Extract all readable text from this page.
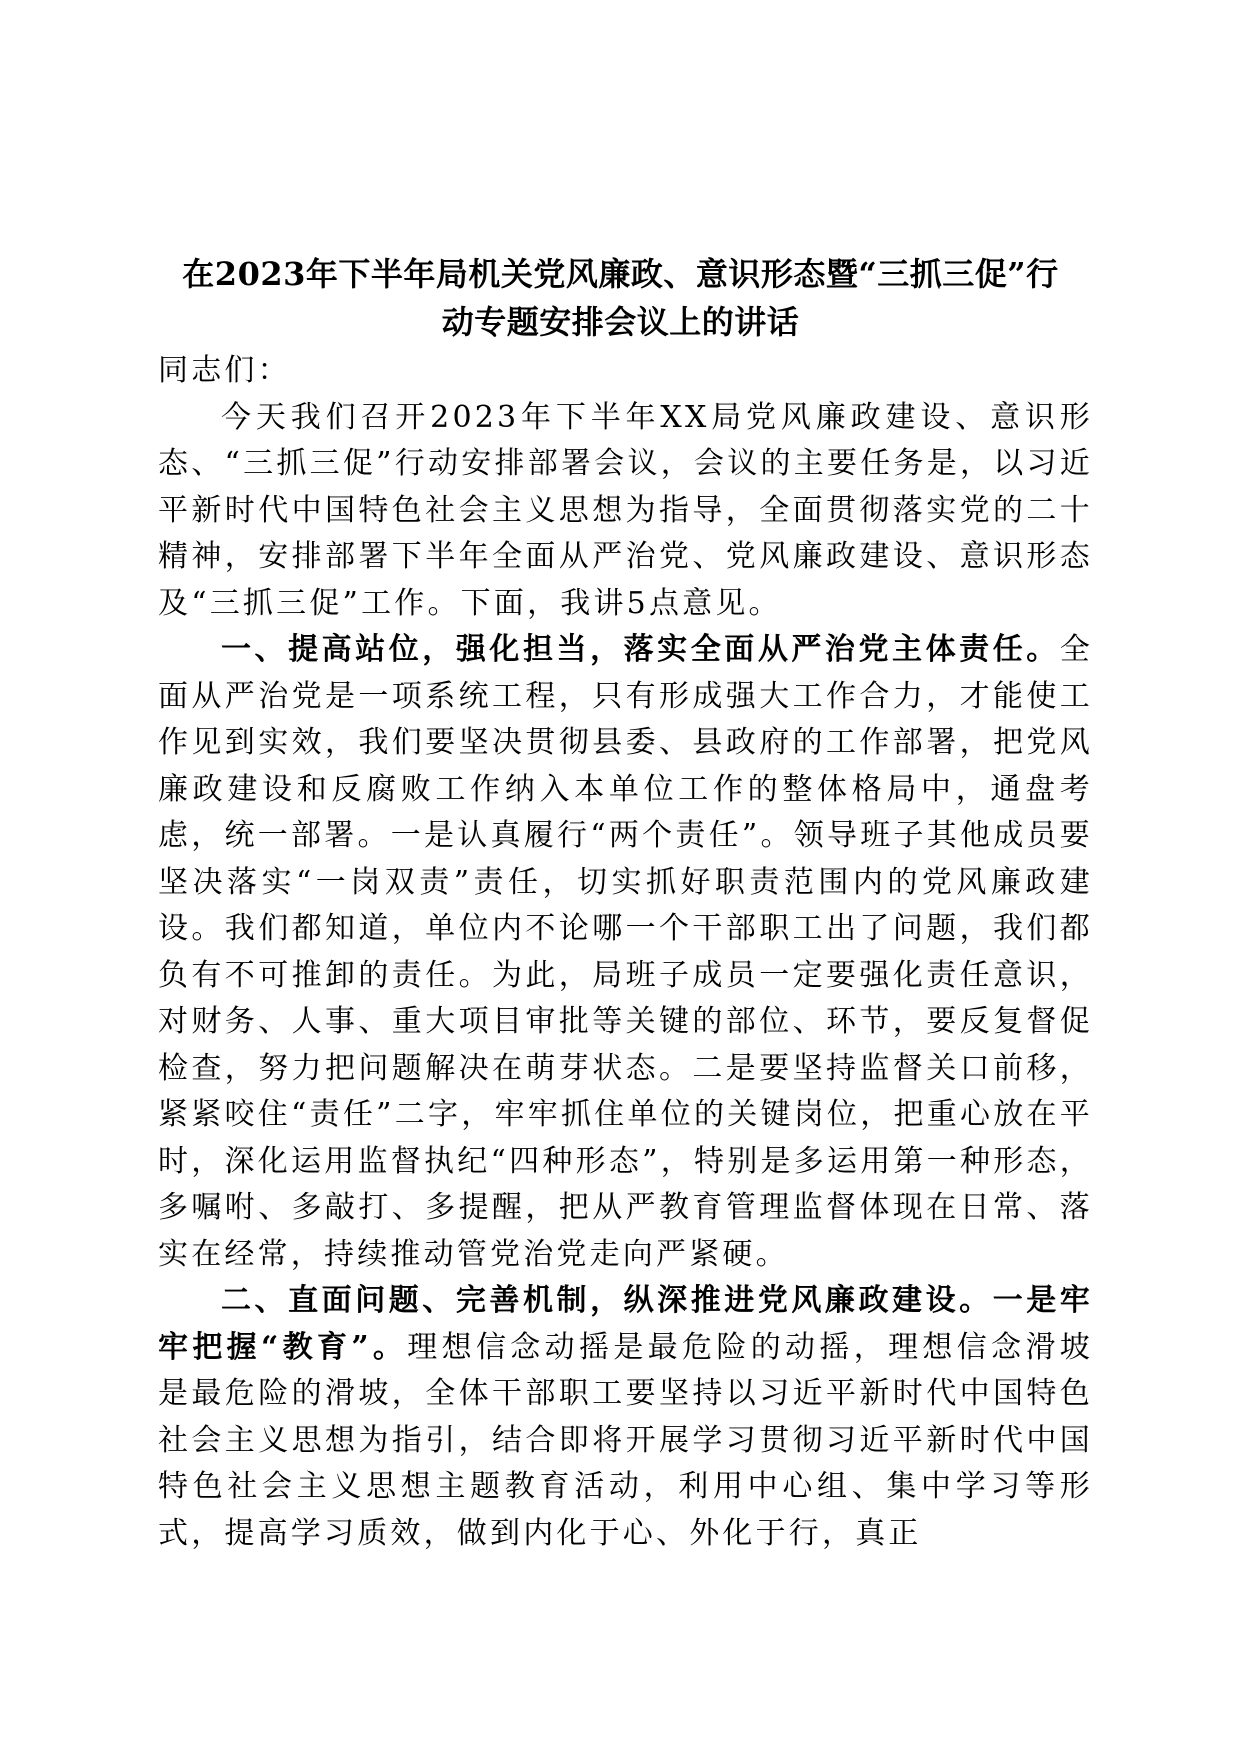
在2023年下半年局机关党风廉政、意识形态暨“三抓三促”行
动专题安排会议上的讲话

同志们：

今天我们召开2023年下半年XX局党风廉政建设、意识形态、“三抓三促”行动安排部署会议，会议的主要任务是，以习近平新时代中国特色社会主义思想为指导，全面贯彻落实党的二十精神，安排部署下半年全面从严治党、党风廉政建设、意识形态及“三抓三促”工作。下面，我讲5点意见。

一、提高站位，强化担当，落实全面从严治党主体责任。全面从严治党是一项系统工程，只有形成强大工作合力，才能使工作见到实效，我们要坚决贯彻县委、县政府的工作部署，把党风廉政建设和反腐败工作纳入本单位工作的整体格局中，通盘考虑，统一部署。一是认真履行“两个责任”。领导班子其他成员要坚决落实“一岗双责”责任，切实抓好职责范围内的党风廉政建设。我们都知道，单位内不论哪一个干部职工出了问题，我们都负有不可推卸的责任。为此，局班子成员一定要强化责任意识，对财务、人事、重大项目审批等关键的部位、环节，要反复督促检查，努力把问题解决在萌芽状态。二是要坚持监督关口前移，紧紧咬住“责任”二字，牢牢抓住单位的关键岗位，把重心放在平时，深化运用监督执纪“四种形态”，特别是多运用第一种形态，多嘱咐、多敲打、多提醒，把从严教育管理监督体现在日常、落实在经常，持续推动管党治党走向严紧硬。

二、直面问题、完善机制，纵深推进党风廉政建设。一是牢牢把握“教育”。理想信念动摇是最危险的动摇，理想信念滑坡是最危险的滑坡，全体干部职工要坚持以习近平新时代中国特色社会主义思想为指引，结合即将开展学习贯彻习近平新时代中国特色社会主义思想主题教育活动，利用中心组、集中学习等形式，提高学习质效，做到内化于心、外化于行，真正
